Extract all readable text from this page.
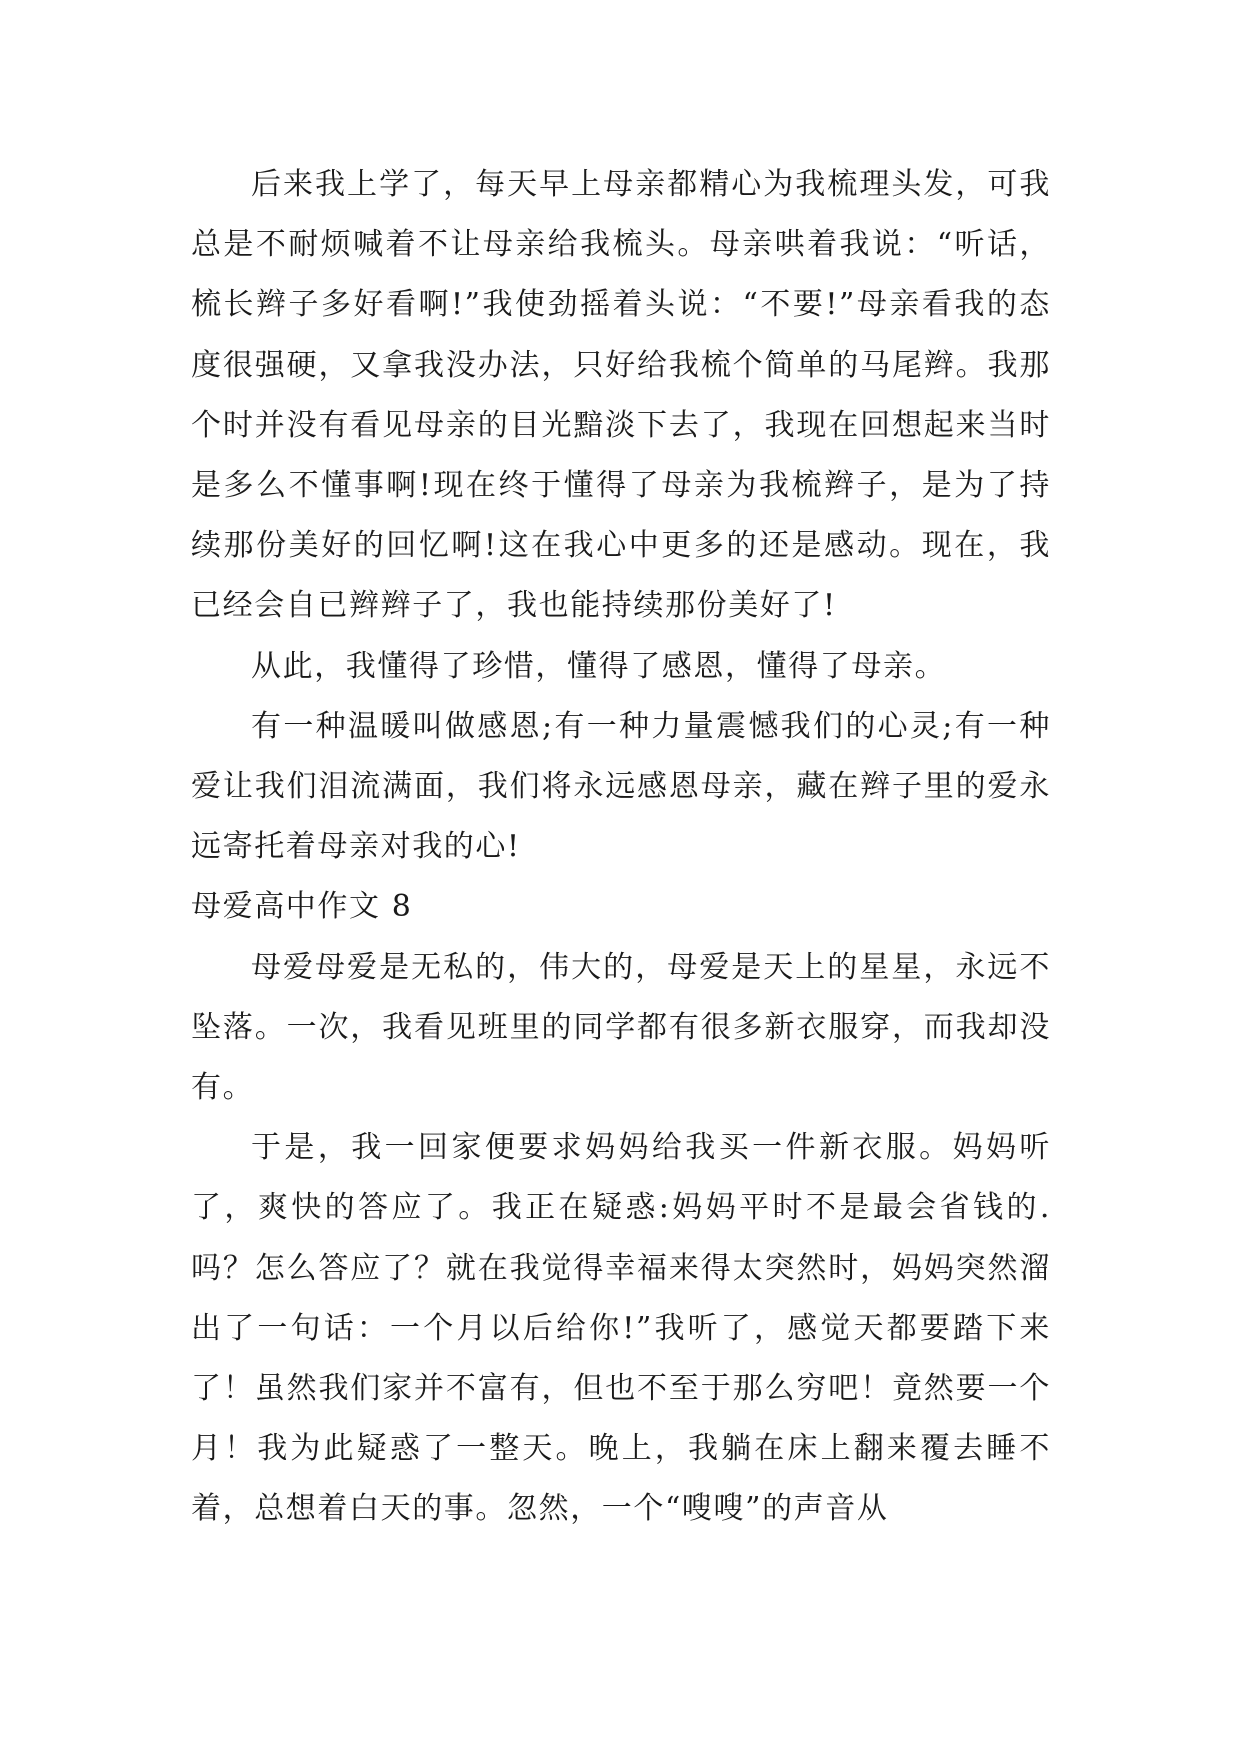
后来我上学了，每天早上母亲都精心为我梳理头发，可我总是不耐烦喊着不让母亲给我梳头。母亲哄着我说：“听话，梳长辫子多好看啊!”我使劲摇着头说：“不要!”母亲看我的态度很强硬，又拿我没办法，只好给我梳个简单的马尾辫。我那个时并没有看见母亲的目光黯淡下去了，我现在回想起来当时是多么不懂事啊!现在终于懂得了母亲为我梳辫子，是为了持续那份美好的回忆啊!这在我心中更多的还是感动。现在，我已经会自已辫辫子了，我也能持续那份美好了!

从此，我懂得了珍惜，懂得了感恩，懂得了母亲。

有一种温暖叫做感恩;有一种力量震憾我们的心灵;有一种爱让我们泪流满面，我们将永远感恩母亲，藏在辫子里的爱永远寄托着母亲对我的心!

母爱高中作文 8

母爱母爱是无私的，伟大的，母爱是天上的星星，永远不坠落。一次，我看见班里的同学都有很多新衣服穿，而我却没有。

于是，我一回家便要求妈妈给我买一件新衣服。妈妈听了，爽快的答应了。我正在疑惑:妈妈平时不是最会省钱的.吗？怎么答应了？就在我觉得幸福来得太突然时，妈妈突然溜出了一句话：一个月以后给你!”我听了，感觉天都要踏下来了！虽然我们家并不富有，但也不至于那么穷吧！竟然要一个月！我为此疑惑了一整天。晚上，我躺在床上翻来覆去睡不着，总想着白天的事。忽然，一个“嗖嗖”的声音从
